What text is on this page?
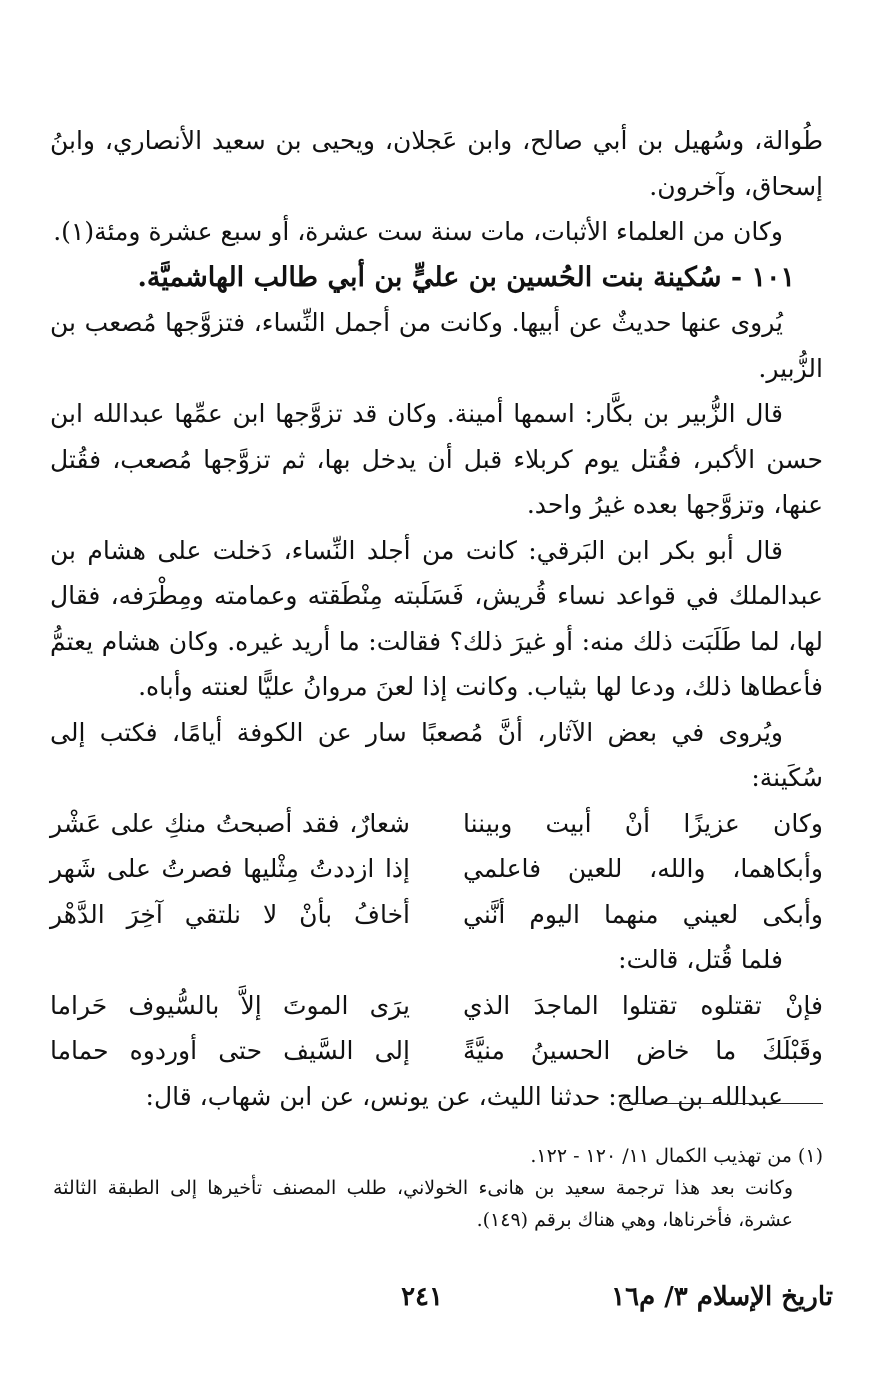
طُوالة، وسُهيل بن أبي صالح، وابن عَجلان، ويحيى بن سعيد الأنصاري، وابنُ إسحاق، وآخرون.

وكان من العلماء الأثبات، مات سنة ست عشرة، أو سبع عشرة ومئة(١).

١٠١ - سُكينة بنت الحُسين بن عليٍّ بن أبي طالب الهاشميَّة.

يُروى عنها حديثٌ عن أبيها. وكانت من أجمل النِّساء، فتزوَّجها مُصعب بن الزُّبير.

قال الزُّبير بن بكَّار: اسمها أمينة. وكان قد تزوَّجها ابن عمِّها عبدالله ابن حسن الأكبر، فقُتل يوم كربلاء قبل أن يدخل بها، ثم تزوَّجها مُصعب، فقُتل عنها، وتزوَّجها بعده غيرُ واحد.

قال أبو بكر ابن البَرقي: كانت من أجلد النِّساء، دَخلت على هشام بن عبدالملك في قواعد نساء قُريش، فَسَلَبته مِنْطَقته وعمامته ومِطْرَفه، فقال لها، لما طَلَبَت ذلك منه: أو غيرَ ذلك؟ فقالت: ما أريد غيره. وكان هشام يعتمُّ فأعطاها ذلك، ودعا لها بثياب. وكانت إذا لعنَ مروانُ عليًّا لعنته وأباه.

ويُروى في بعض الآثار، أنَّ مُصعبًا سار عن الكوفة أيامًا، فكتب إلى سُكَينة:

وكان عزيزًا أنْ أبيت وبيننا
شعارٌ، فقد أصبحتُ منكِ على عَشْر
وأبكاهما، والله، للعين فاعلمي
إذا ازددتُ مِثْليها فصرتُ على شَهر
وأبكى لعيني منهما اليوم أنَّني
أخافُ بأنْ لا نلتقي آخِرَ الدَّهْر

فلما قُتل، قالت:

فإنْ تقتلوه تقتلوا الماجدَ الذي
يرَى الموتَ إلاَّ بالسُّيوف حَراما
وقَبْلَكَ ما خاض الحسينُ منيَّةً
إلى السَّيف حتى أوردوه حماما

عبدالله بن صالح: حدثنا الليث، عن يونس، عن ابن شهاب، قال:

(١) من تهذيب الكمال ١١/ ١٢٠ - ١٢٢.

وكانت بعد هذا ترجمة سعيد بن هانىء الخولاني، طلب المصنف تأخيرها إلى الطبقة الثالثة عشرة، فأخرناها، وهي هناك برقم (١٤٩).

تاريخ الإسلام ٣/ م١٦
٢٤١
